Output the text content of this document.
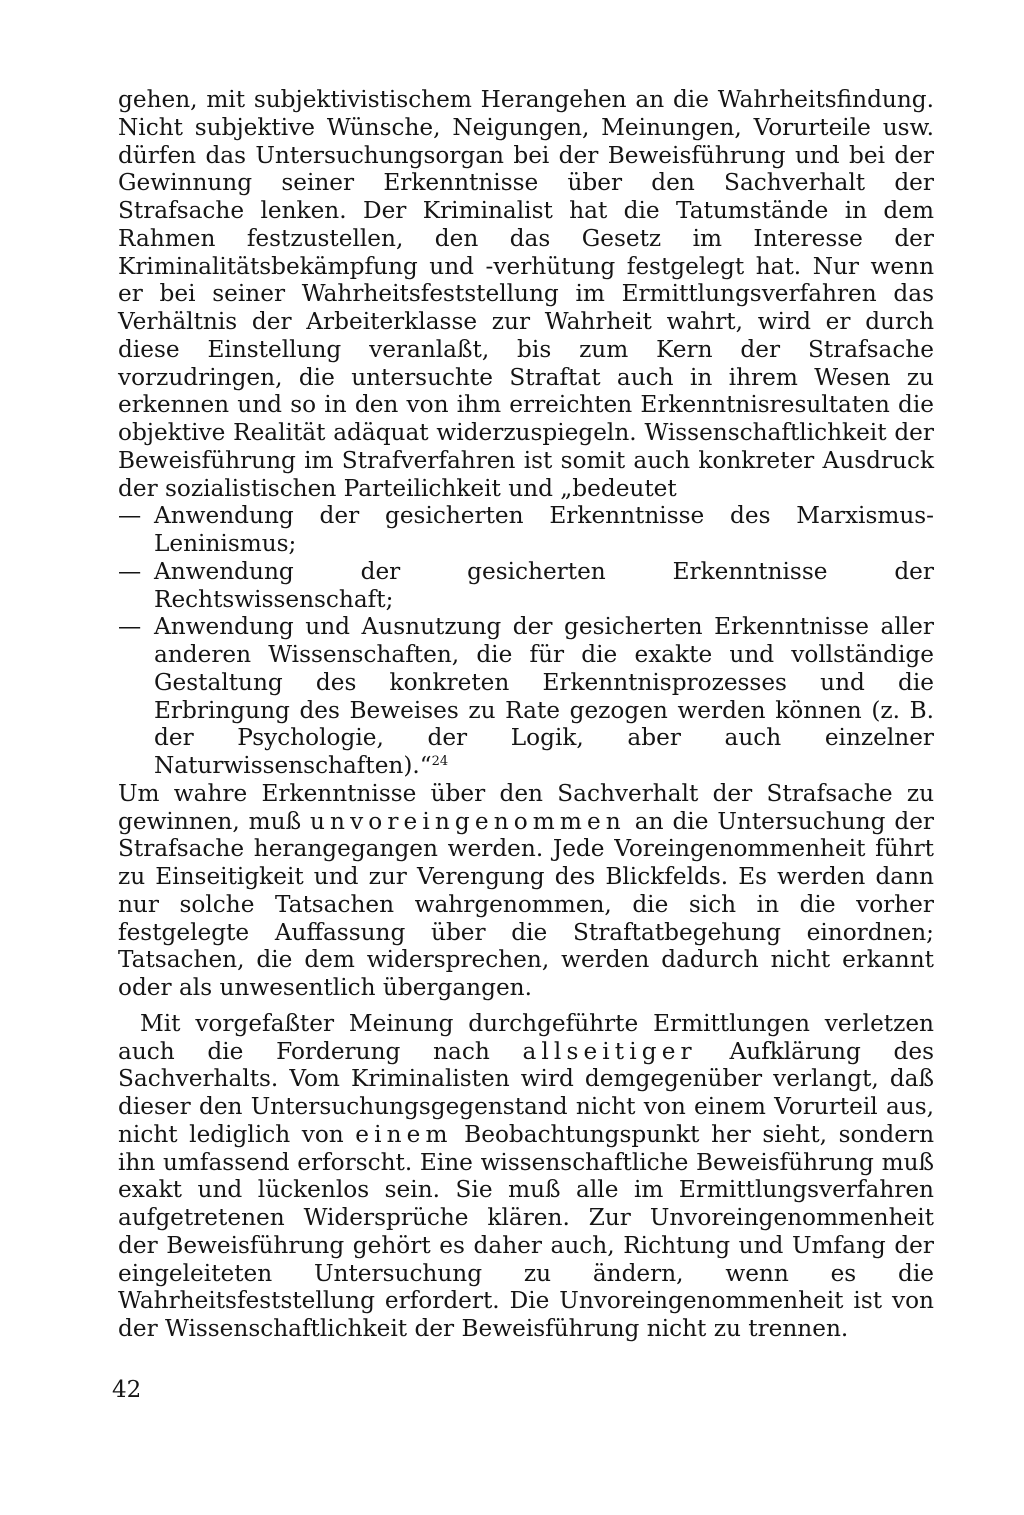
gehen, mit subjektivistischem Herangehen an die Wahrheitsfindung. Nicht subjektive Wünsche, Neigungen, Meinungen, Vorurteile usw. dürfen das Untersuchungsorgan bei der Beweisführung und bei der Gewinnung seiner Erkenntnisse über den Sachverhalt der Strafsache lenken. Der Kriminalist hat die Tatumstände in dem Rahmen festzustellen, den das Gesetz im Interesse der Kriminalitätsbekämpfung und -verhütung festgelegt hat. Nur wenn er bei seiner Wahrheitsfeststellung im Ermittlungsverfahren das Verhältnis der Arbeiterklasse zur Wahrheit wahrt, wird er durch diese Einstellung veranlaßt, bis zum Kern der Strafsache vorzudringen, die untersuchte Straftat auch in ihrem Wesen zu erkennen und so in den von ihm erreichten Erkenntnisresultaten die objektive Realität adäquat widerzuspiegeln. Wissenschaftlichkeit der Beweisführung im Strafverfahren ist somit auch konkreter Ausdruck der sozialistischen Parteilichkeit und „bedeutet

— Anwendung der gesicherten Erkenntnisse des Marxismus-Leninismus;
— Anwendung der gesicherten Erkenntnisse der Rechtswissenschaft;
— Anwendung und Ausnutzung der gesicherten Erkenntnisse aller anderen Wissenschaften, die für die exakte und vollständige Gestaltung des konkreten Erkenntnisprozesses und die Erbringung des Beweises zu Rate gezogen werden können (z. B. der Psychologie, der Logik, aber auch einzelner Naturwissenschaften).“$^{24}$

Um wahre Erkenntnisse über den Sachverhalt der Strafsache zu gewinnen, muß unvoreingenommen an die Untersuchung der Strafsache herangegangen werden. Jede Voreingenommenheit führt zu Einseitigkeit und zur Verengung des Blickfelds. Es werden dann nur solche Tatsachen wahrgenommen, die sich in die vorher festgelegte Auffassung über die Straftatbegehung einordnen; Tatsachen, die dem widersprechen, werden dadurch nicht erkannt oder als unwesentlich übergangen.

Mit vorgefaßter Meinung durchgeführte Ermittlungen verletzen auch die Forderung nach allseitiger Aufklärung des Sachverhalts. Vom Kriminalisten wird demgegenüber verlangt, daß dieser den Untersuchungsgegenstand nicht von einem Vorurteil aus, nicht lediglich von einem Beobachtungspunkt her sieht, sondern ihn umfassend erforscht. Eine wissenschaftliche Beweisführung muß exakt und lückenlos sein. Sie muß alle im Ermittlungsverfahren aufgetretenen Widersprüche klären. Zur Unvoreingenommenheit der Beweisführung gehört es daher auch, Richtung und Umfang der eingeleiteten Untersuchung zu ändern, wenn es die Wahrheitsfeststellung erfordert. Die Unvoreingenommenheit ist von der Wissenschaftlichkeit der Beweisführung nicht zu trennen.

42
